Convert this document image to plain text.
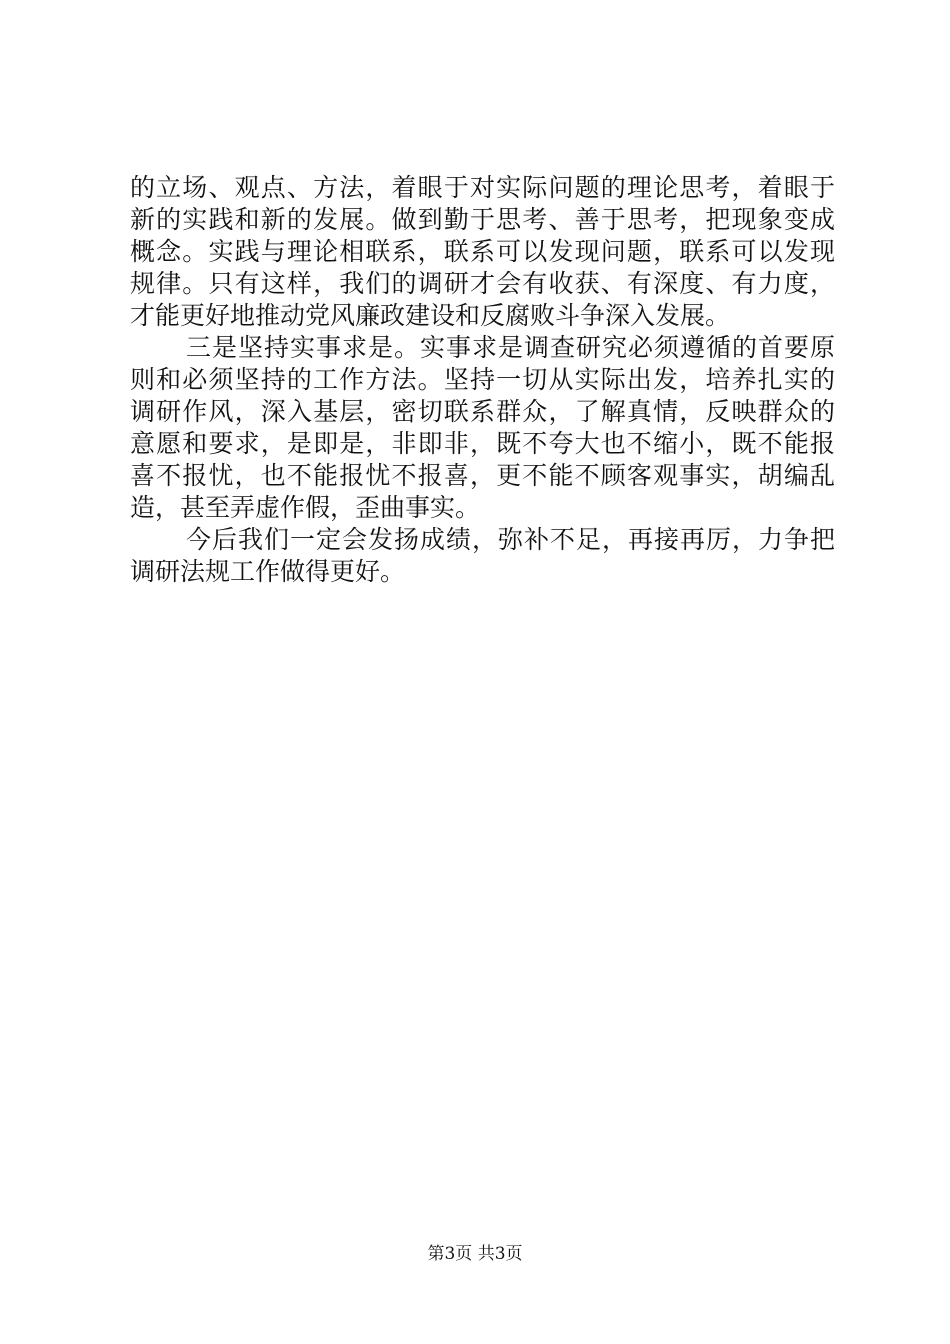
的立场、观点、方法，着眼于对实际问题的理论思考，着眼于
新的实践和新的发展。做到勤于思考、善于思考，把现象变成
概念。实践与理论相联系，联系可以发现问题，联系可以发现
规律。只有这样，我们的调研才会有收获、有深度、有力度，
才能更好地推动党风廉政建设和反腐败斗争深入发展。
三是坚持实事求是。实事求是调查研究必须遵循的首要原
则和必须坚持的工作方法。坚持一切从实际出发，培养扎实的
调研作风，深入基层，密切联系群众，了解真情，反映群众的
意愿和要求，是即是，非即非，既不夸大也不缩小，既不能报
喜不报忧，也不能报忧不报喜，更不能不顾客观事实，胡编乱
造，甚至弄虚作假，歪曲事实。
今后我们一定会发扬成绩，弥补不足，再接再厉，力争把
调研法规工作做得更好。
第3页 共3页
